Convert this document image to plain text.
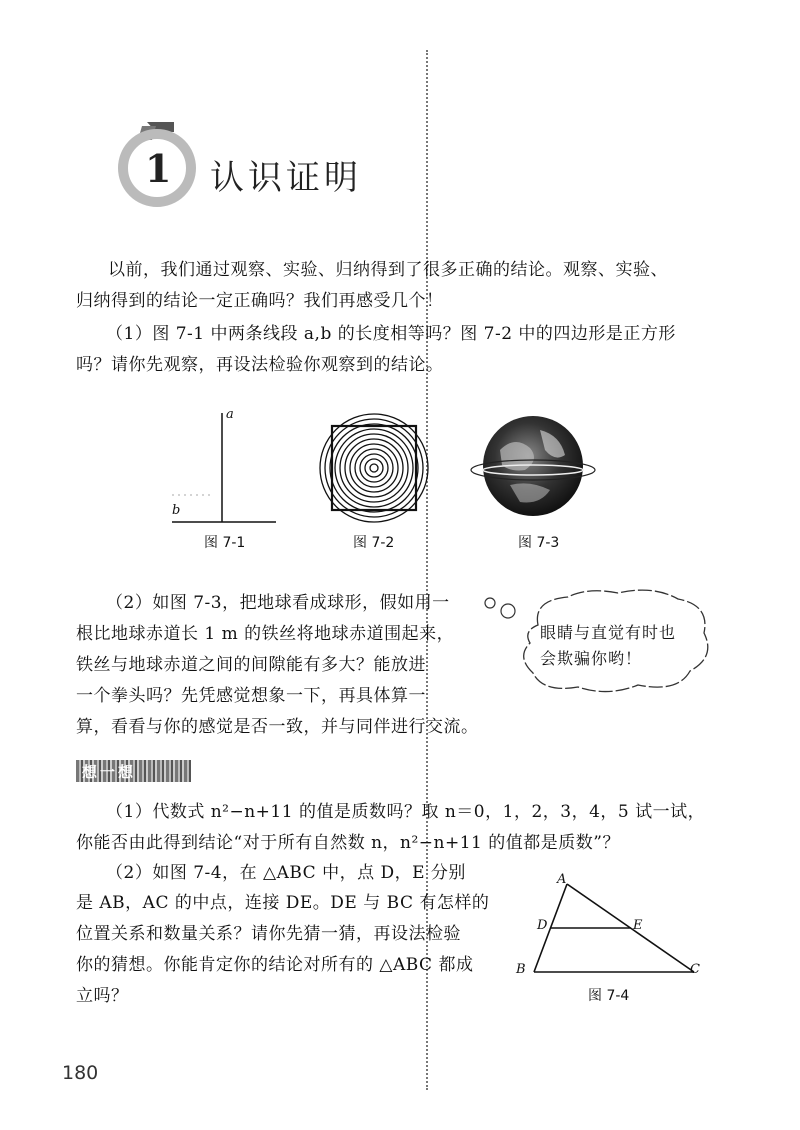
1 认识证明

以前，我们通过观察、实验、归纳得到了很多正确的结论。观察、实验、

归纳得到的结论一定正确吗？我们再感受几个！

（1）图 7-1 中两条线段 a,b 的长度相等吗？图 7-2 中的四边形是正方形

吗？请你先观察，再设法检验你观察到的结论。

a
b
图 7-1	图 7-2	图 7-3

（2）如图 7-3，把地球看成球形，假如用一

根比地球赤道长 1 m 的铁丝将地球赤道围起来，

铁丝与地球赤道之间的间隙能有多大？能放进

一个拳头吗？先凭感觉想象一下，再具体算一

算，看看与你的感觉是否一致，并与同伴进行交流。

眼睛与直觉有时也
会欺骗你哟！
想一想

（1）代数式 n²−n+11 的值是质数吗？取 n＝0，1，2，3，4，5 试一试，

你能否由此得到结论“对于所有自然数 n，n²−n+11 的值都是质数”？

（2）如图 7-4，在 △ABC 中，点 D，E 分别

是 AB，AC 的中点，连接 DE。DE 与 BC 有怎样的

位置关系和数量关系？请你先猜一猜，再设法检验

你的猜想。你能肯定你的结论对所有的 △ABC 都成

立吗？

A
D	E
B	C
图 7-4
180
